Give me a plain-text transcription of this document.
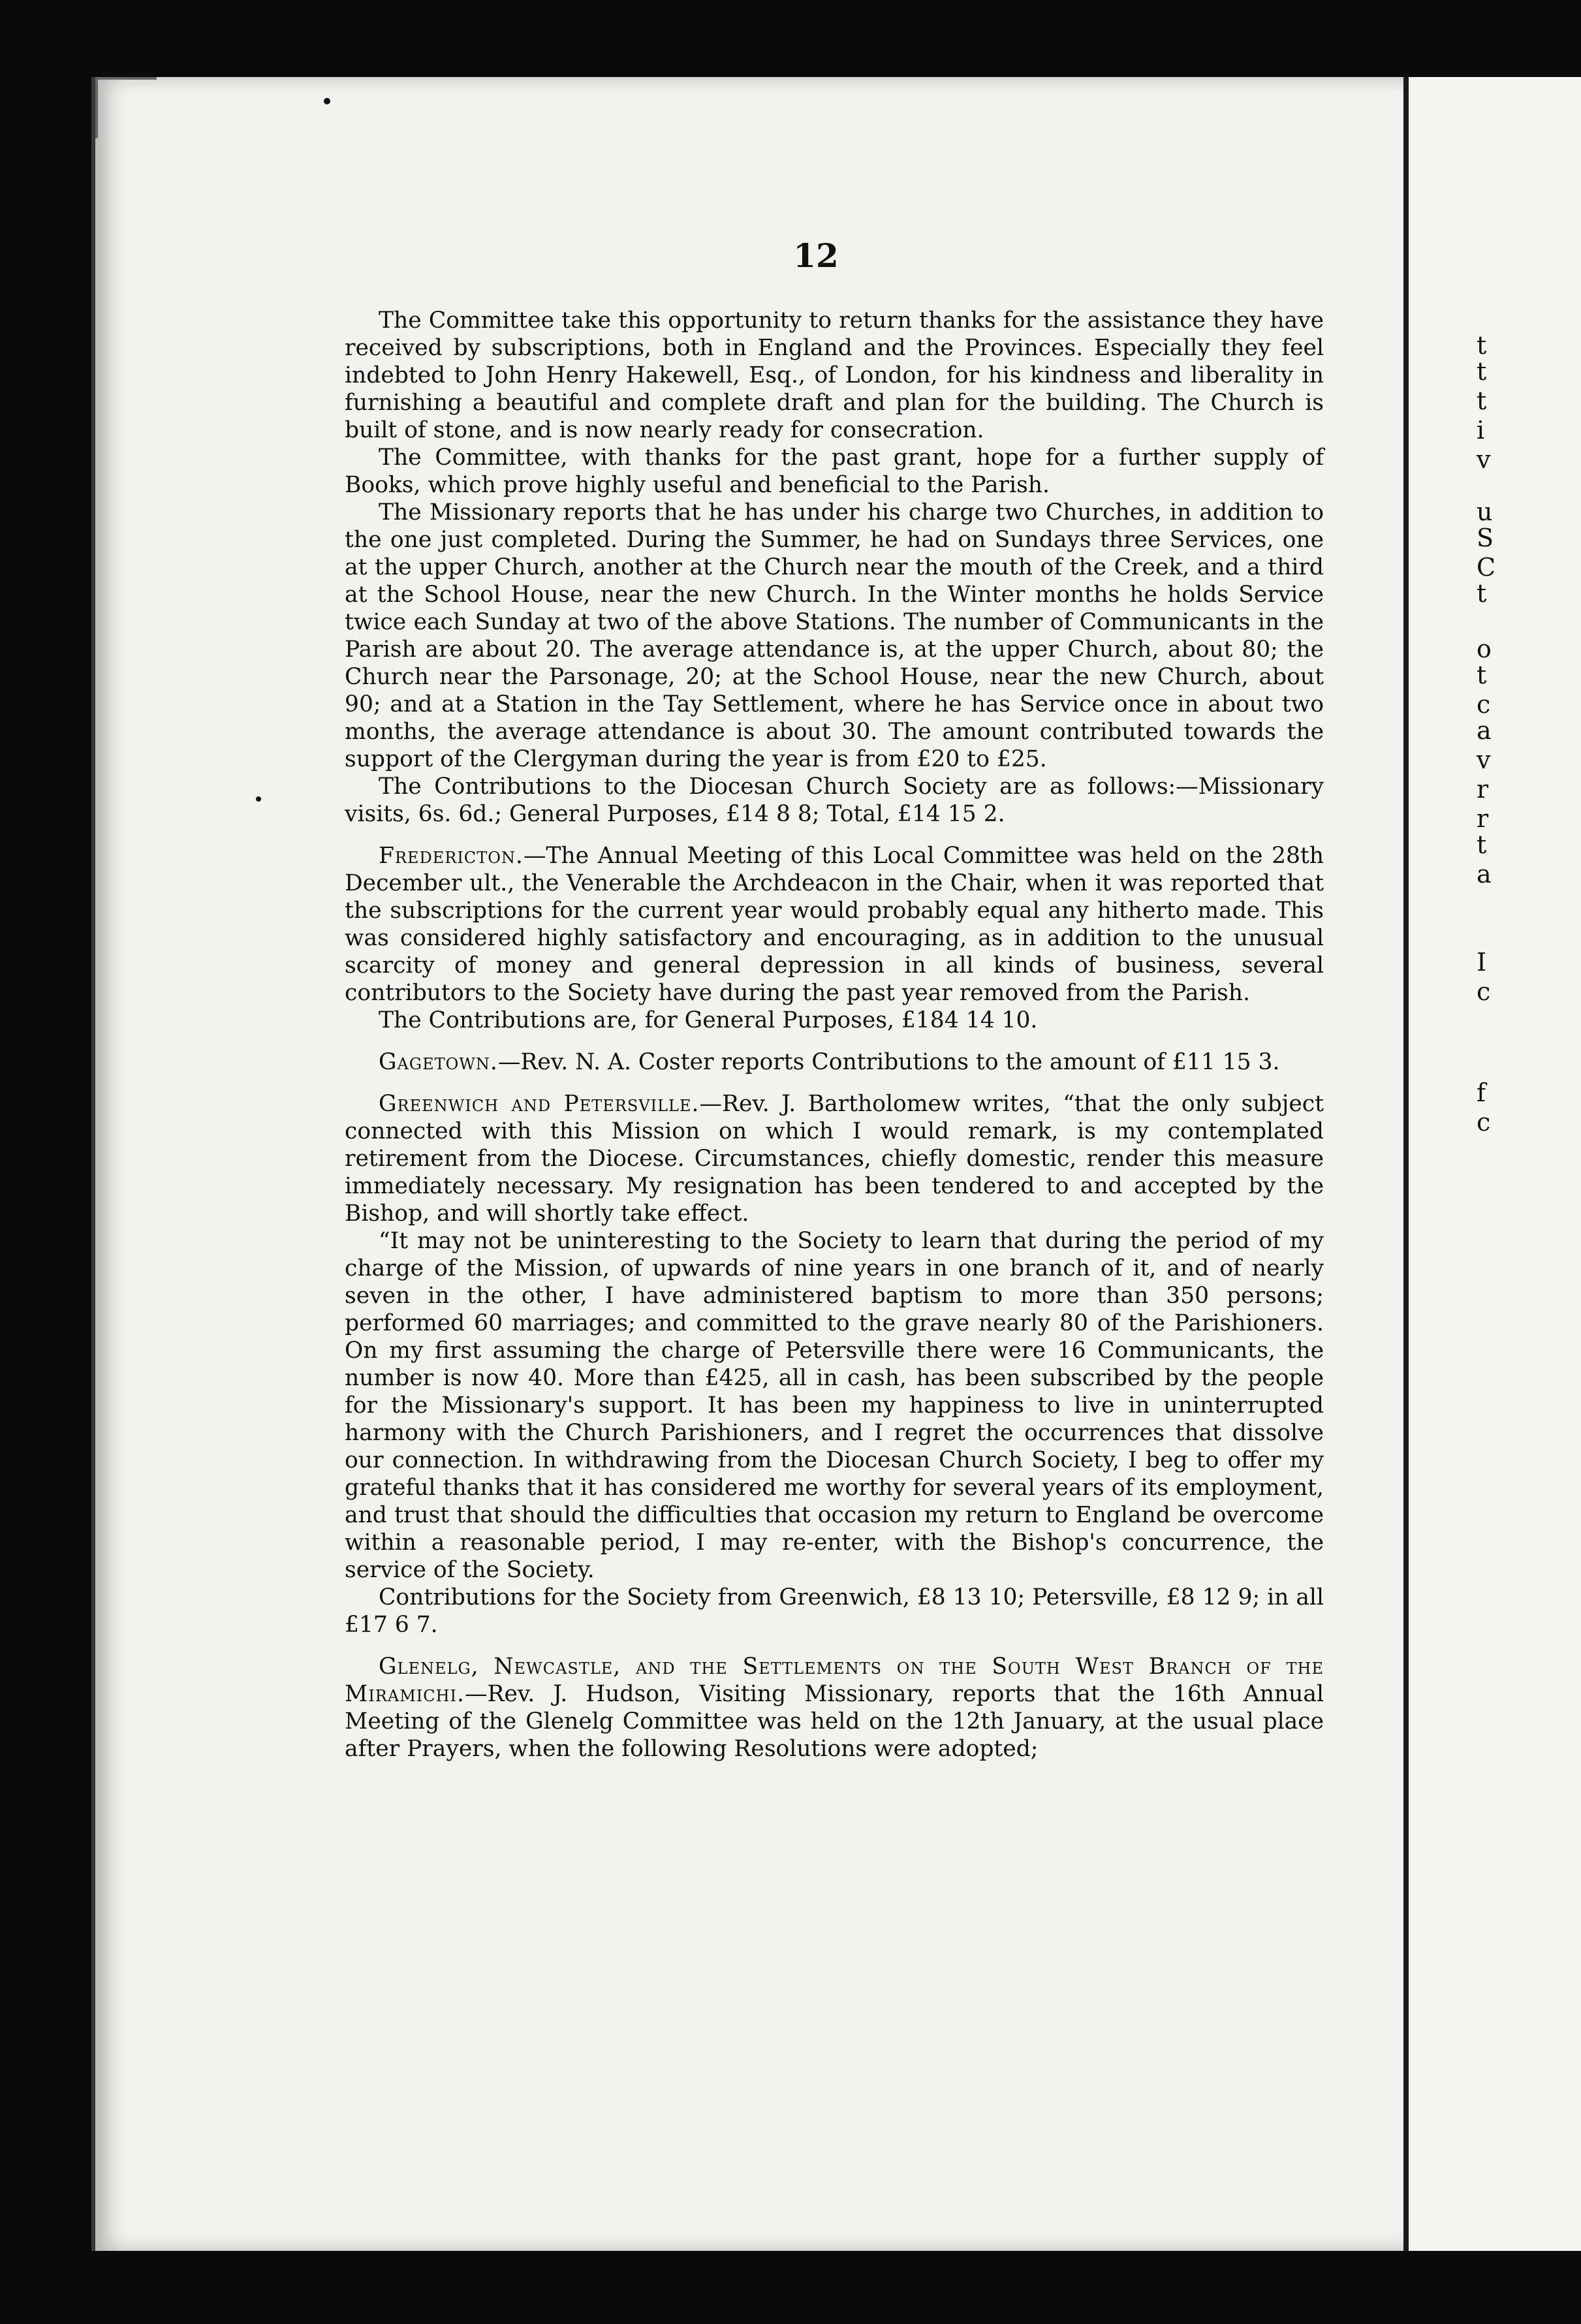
t
t
t
i
v
u
S
C
t
o
t
c
a
v
r
r
t
a
I
c
f
c
12

The Committee take this opportunity to return thanks for the assistance they have received by subscriptions, both in England and the Provinces. Especially they feel indebted to John Henry Hakewell, Esq., of London, for his kindness and liberality in furnishing a beautiful and complete draft and plan for the building. The Church is built of stone, and is now nearly ready for consecration.

The Committee, with thanks for the past grant, hope for a further supply of Books, which prove highly useful and beneficial to the Parish.

The Missionary reports that he has under his charge two Churches, in addition to the one just completed. During the Summer, he had on Sundays three Services, one at the upper Church, another at the Church near the mouth of the Creek, and a third at the School House, near the new Church. In the Winter months he holds Service twice each Sunday at two of the above Stations. The number of Communicants in the Parish are about 20. The average attendance is, at the upper Church, about 80; the Church near the Parsonage, 20; at the School House, near the new Church, about 90; and at a Station in the Tay Settlement, where he has Service once in about two months, the average attendance is about 30. The amount contributed towards the support of the Clergyman during the year is from £20 to £25.

The Contributions to the Diocesan Church Society are as follows:—Missionary visits, 6s. 6d.; General Purposes, £14 8 8; Total, £14 15 2.

Fredericton.—The Annual Meeting of this Local Committee was held on the 28th December ult., the Venerable the Archdeacon in the Chair, when it was reported that the subscriptions for the current year would probably equal any hitherto made. This was considered highly satisfactory and encouraging, as in addition to the unusual scarcity of money and general depression in all kinds of business, several contributors to the Society have during the past year removed from the Parish.

The Contributions are, for General Purposes, £184 14 10.

Gagetown.—Rev. N. A. Coster reports Contributions to the amount of £11 15 3.

Greenwich and Petersville.—Rev. J. Bartholomew writes, “that the only subject connected with this Mission on which I would remark, is my contemplated retirement from the Diocese. Circumstances, chiefly domestic, render this measure immediately necessary. My resignation has been tendered to and accepted by the Bishop, and will shortly take effect.

“It may not be uninteresting to the Society to learn that during the period of my charge of the Mission, of upwards of nine years in one branch of it, and of nearly seven in the other, I have administered baptism to more than 350 persons; performed 60 marriages; and committed to the grave nearly 80 of the Parishioners. On my first assuming the charge of Petersville there were 16 Communicants, the number is now 40. More than £425, all in cash, has been subscribed by the people for the Missionary's support. It has been my happiness to live in uninterrupted harmony with the Church Parishioners, and I regret the occurrences that dissolve our connection. In withdrawing from the Diocesan Church Society, I beg to offer my grateful thanks that it has considered me worthy for several years of its employment, and trust that should the difficulties that occasion my return to England be overcome within a reasonable period, I may re-enter, with the Bishop's concurrence, the service of the Society.

Contributions for the Society from Greenwich, £8 13 10; Petersville, £8 12 9; in all £17 6 7.

Glenelg, Newcastle, and the Settlements on the South West Branch of the Miramichi.—Rev. J. Hudson, Visiting Missionary, reports that the 16th Annual Meeting of the Glenelg Committee was held on the 12th January, at the usual place after Prayers, when the following Resolutions were adopted;
